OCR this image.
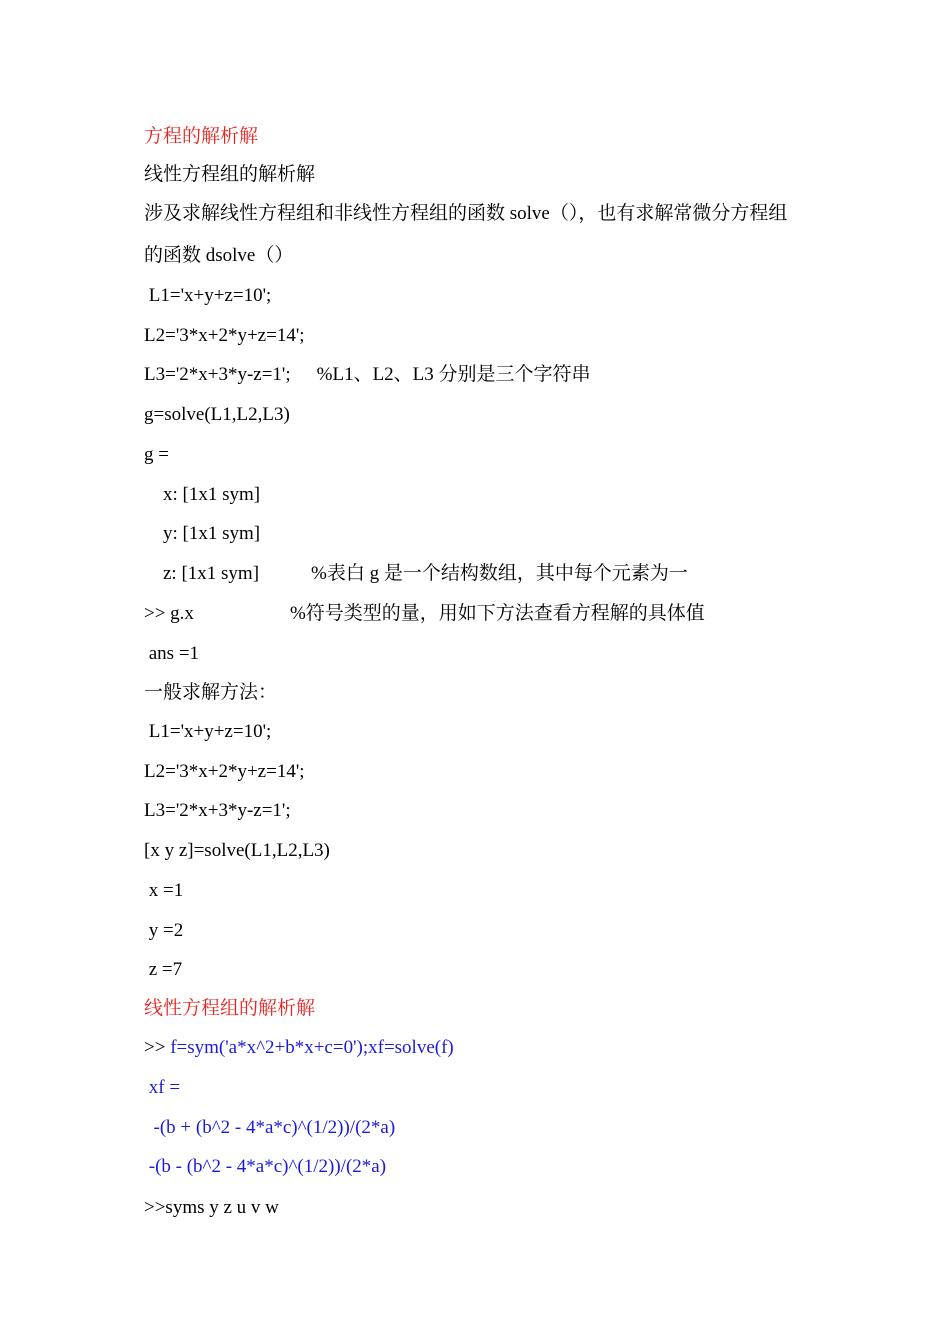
方程的解析解
线性方程组的解析解
涉及求解线性方程组和非线性方程组的函数 solve（），也有求解常微分方程组
的函数 dsolve（）
L1='x+y+z=10';
L2='3*x+2*y+z=14';
L3='2*x+3*y-z=1'; %L1、L2、L3 分别是三个字符串
g=solve(L1,L2,L3)
g =
x: [1x1 sym]
y: [1x1 sym]
z: [1x1 sym]	%表白 g 是一个结构数组，其中每个元素为一
>> g.x	%符号类型的量，用如下方法查看方程解的具体值
ans =1
一般求解方法：
L1='x+y+z=10';
L2='3*x+2*y+z=14';
L3='2*x+3*y-z=1';
[x y z]=solve(L1,L2,L3)
x =1
y =2
z =7
线性方程组的解析解
>> f=sym('a*x^2+b*x+c=0');xf=solve(f)
xf =
-(b + (b^2 - 4*a*c)^(1/2))/(2*a)
-(b - (b^2 - 4*a*c)^(1/2))/(2*a)
>>syms y z u v w
